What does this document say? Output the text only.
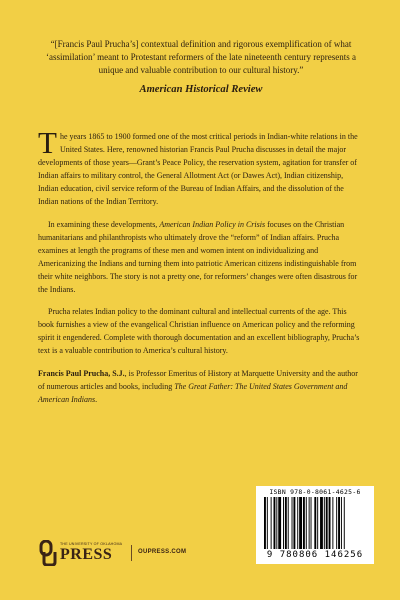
“[Francis Paul Prucha’s] contextual definition and rigorous exemplification of what ‘assimilation’ meant to Protestant reformers of the late nineteenth century represents a unique and valuable contribution to our cultural history.”

American Historical Review

The years 1865 to 1900 formed one of the most critical periods in Indian-white relations in the United States. Here, renowned historian Francis Paul Prucha discusses in detail the major developments of those years—Grant’s Peace Policy, the reservation system, agitation for transfer of Indian affairs to military control, the General Allotment Act (or Dawes Act), Indian citizenship, Indian education, civil service reform of the Bureau of Indian Affairs, and the dissolution of the Indian nations of the Indian Territory.

In examining these developments, American Indian Policy in Crisis focuses on the Christian humanitarians and philanthropists who ultimately drove the “reform” of Indian affairs. Prucha examines at length the programs of these men and women intent on individualizing and Americanizing the Indians and turning them into patriotic American citizens indistinguishable from their white neighbors. The story is not a pretty one, for reformers’ changes were often disastrous for the Indians.

Prucha relates Indian policy to the dominant cultural and intellectual currents of the age. This book furnishes a view of the evangelical Christian influence on American policy and the reforming spirit it engendered. Complete with thorough documentation and an excellent bibliography, Prucha’s text is a valuable contribution to America’s cultural history.

Francis Paul Prucha, S.J., is Professor Emeritus of History at Marquette University and the author of numerous articles and books, including The Great Father: The United States Government and American Indians.

ISBN 978-0-8061-4625-6
9 780806 146256
THE UNIVERSITY OF OKLAHOMA
PRESS	OUPRESS.COM
